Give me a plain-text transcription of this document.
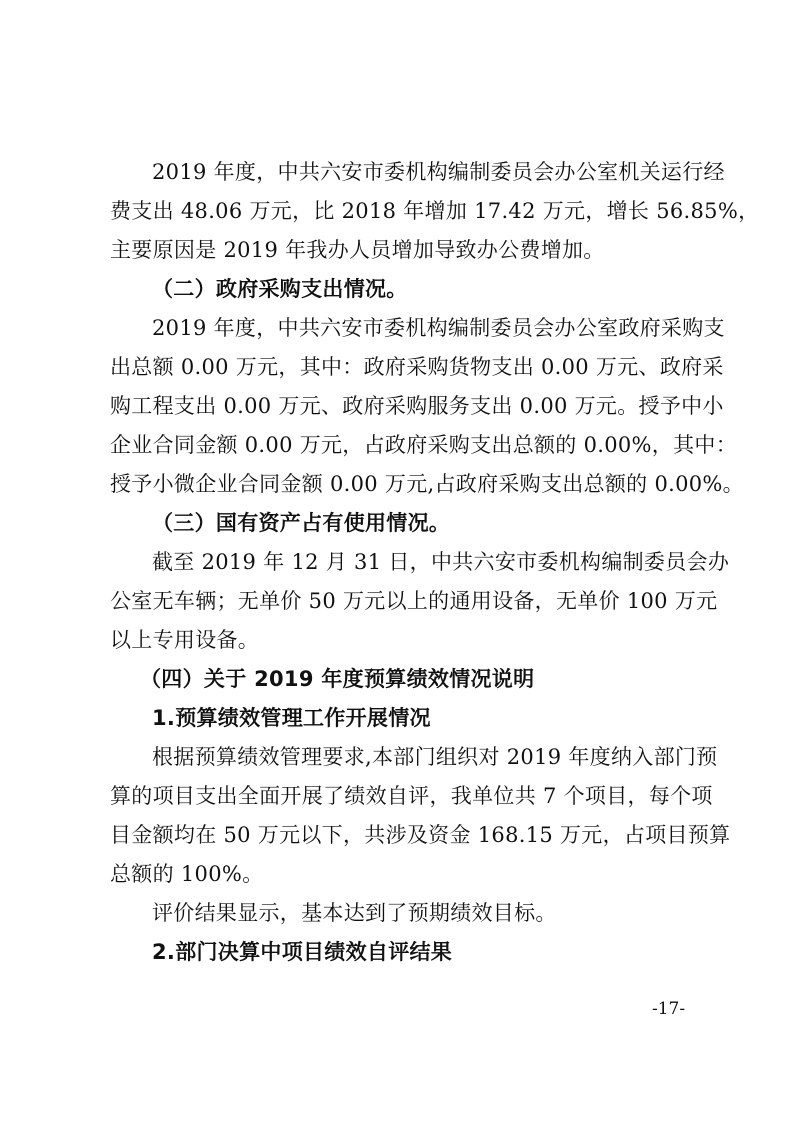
2019 年度，中共六安市委机构编制委员会办公室机关运行经
费支出 48.06 万元，比 2018 年增加 17.42 万元，增长 56.85%，
主要原因是 2019 年我办人员增加导致办公费增加。
（二）政府采购支出情况。
2019 年度，中共六安市委机构编制委员会办公室政府采购支
出总额 0.00 万元，其中：政府采购货物支出 0.00 万元、政府采
购工程支出 0.00 万元、政府采购服务支出 0.00 万元。授予中小
企业合同金额 0.00 万元，占政府采购支出总额的 0.00%，其中：
授予小微企业合同金额 0.00 万元,占政府采购支出总额的 0.00%。
（三）国有资产占有使用情况。
截至 2019 年 12 月 31 日，中共六安市委机构编制委员会办
公室无车辆；无单价 50 万元以上的通用设备，无单价 100 万元
以上专用设备。
（四）关于 2019 年度预算绩效情况说明
1.预算绩效管理工作开展情况
根据预算绩效管理要求,本部门组织对 2019 年度纳入部门预
算的项目支出全面开展了绩效自评，我单位共 7 个项目，每个项
目金额均在 50 万元以下，共涉及资金 168.15 万元，占项目预算
总额的 100%。
评价结果显示，基本达到了预期绩效目标。
2.部门决算中项目绩效自评结果
-17-
